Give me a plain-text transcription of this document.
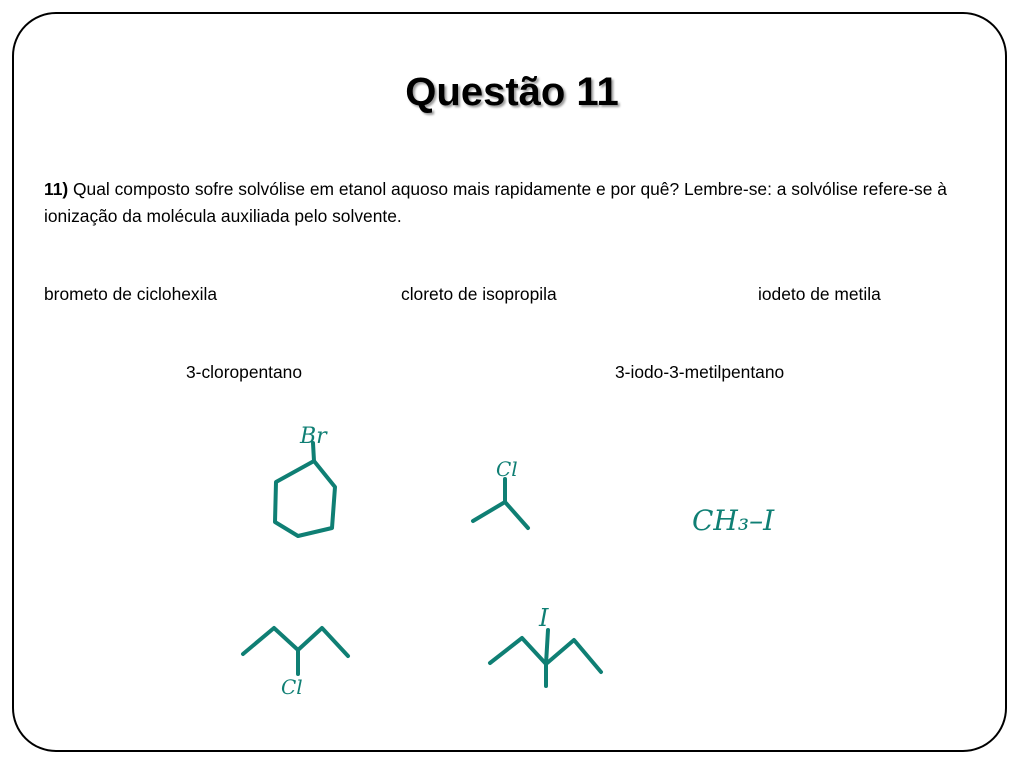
Questão 11
11) Qual composto sofre solvólise em etanol aquoso mais rapidamente e por quê? Lembre-se: a solvólise refere-se à ionização da molécula auxiliada pelo solvente.
brometo de ciclohexila	cloreto de isopropila	iodeto de metila
3-cloropentano	3-iodo-3-metilpentano
Br
Cl
CH₃–I
Cl
I
